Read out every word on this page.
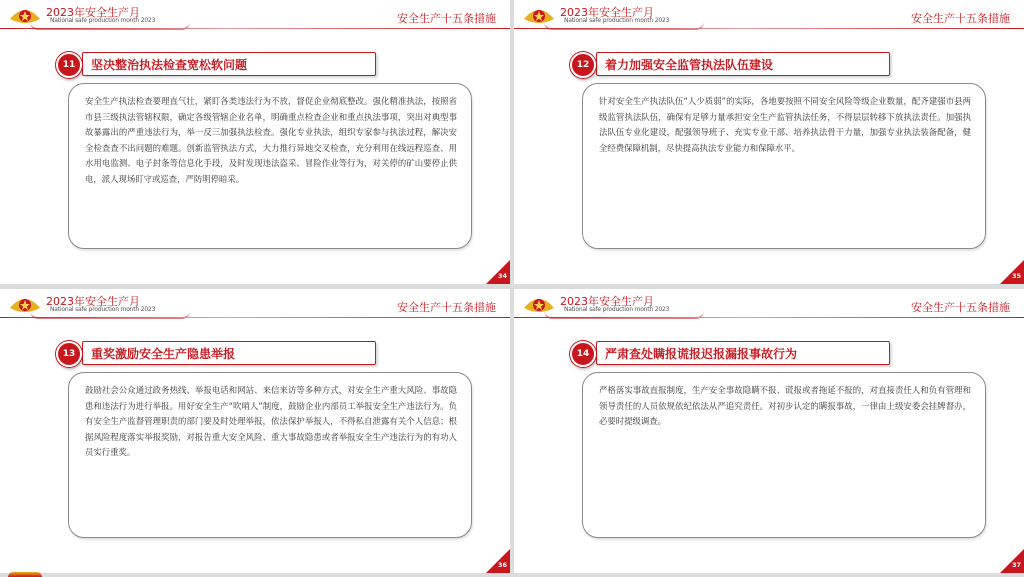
2023年安全生产月
National safe production month 2023	安全生产十五条措施
坚决整治执法检查宽松软问题
11
安全生产执法检查要理直气壮，紧盯各类违法行为不放，督促企业彻底整改。强化精准执法，按照省市县三级执法管辖权限，确定各级管辖企业名单，明确重点检查企业和重点执法事项，突出对典型事故暴露出的严重违法行为，举一反三加强执法检查。强化专业执法，组织专家参与执法过程，解决安全检查查不出问题的难题。创新监管执法方式，大力推行异地交叉检查，充分利用在线远程巡查、用水用电监测、电子封条等信息化手段，及时发现违法盗采、冒险作业等行为，对关停的矿山要停止供电，派人现场盯守或巡查，严防明停暗采。
34
2023年安全生产月
National safe production month 2023	安全生产十五条措施
着力加强安全监管执法队伍建设
12
针对安全生产执法队伍“人少质弱”的实际，各地要按照不同安全风险等级企业数量，配齐建强市县两级监管执法队伍，确保有足够力量承担安全生产监管执法任务，不得层层转移下放执法责任。加强执法队伍专业化建设，配强领导班子、充实专业干部、培养执法骨干力量，加强专业执法装备配备，健全经费保障机制，尽快提高执法专业能力和保障水平。
35
2023年安全生产月
National safe production month 2023	安全生产十五条措施
重奖激励安全生产隐患举报
13
鼓励社会公众通过政务热线、举报电话和网站、来信来访等多种方式，对安全生产重大风险、事故隐患和违法行为进行举报。用好安全生产“吹哨人”制度，鼓励企业内部员工举报安全生产违法行为。负有安全生产监督管理职责的部门要及时处理举报，依法保护举报人，不得私自泄露有关个人信息；根据风险程度落实举报奖励，对报告重大安全风险、重大事故隐患或者举报安全生产违法行为的有功人员实行重奖。
36
2023年安全生产月
National safe production month 2023	安全生产十五条措施
严肃查处瞒报谎报迟报漏报事故行为
14
严格落实事故直报制度，生产安全事故隐瞒不报、谎报或者拖延不报的，对直接责任人和负有管理和领导责任的人员依规依纪依法从严追究责任。对初步认定的瞒报事故，一律由上级安委会挂牌督办，必要时提级调查。
37
